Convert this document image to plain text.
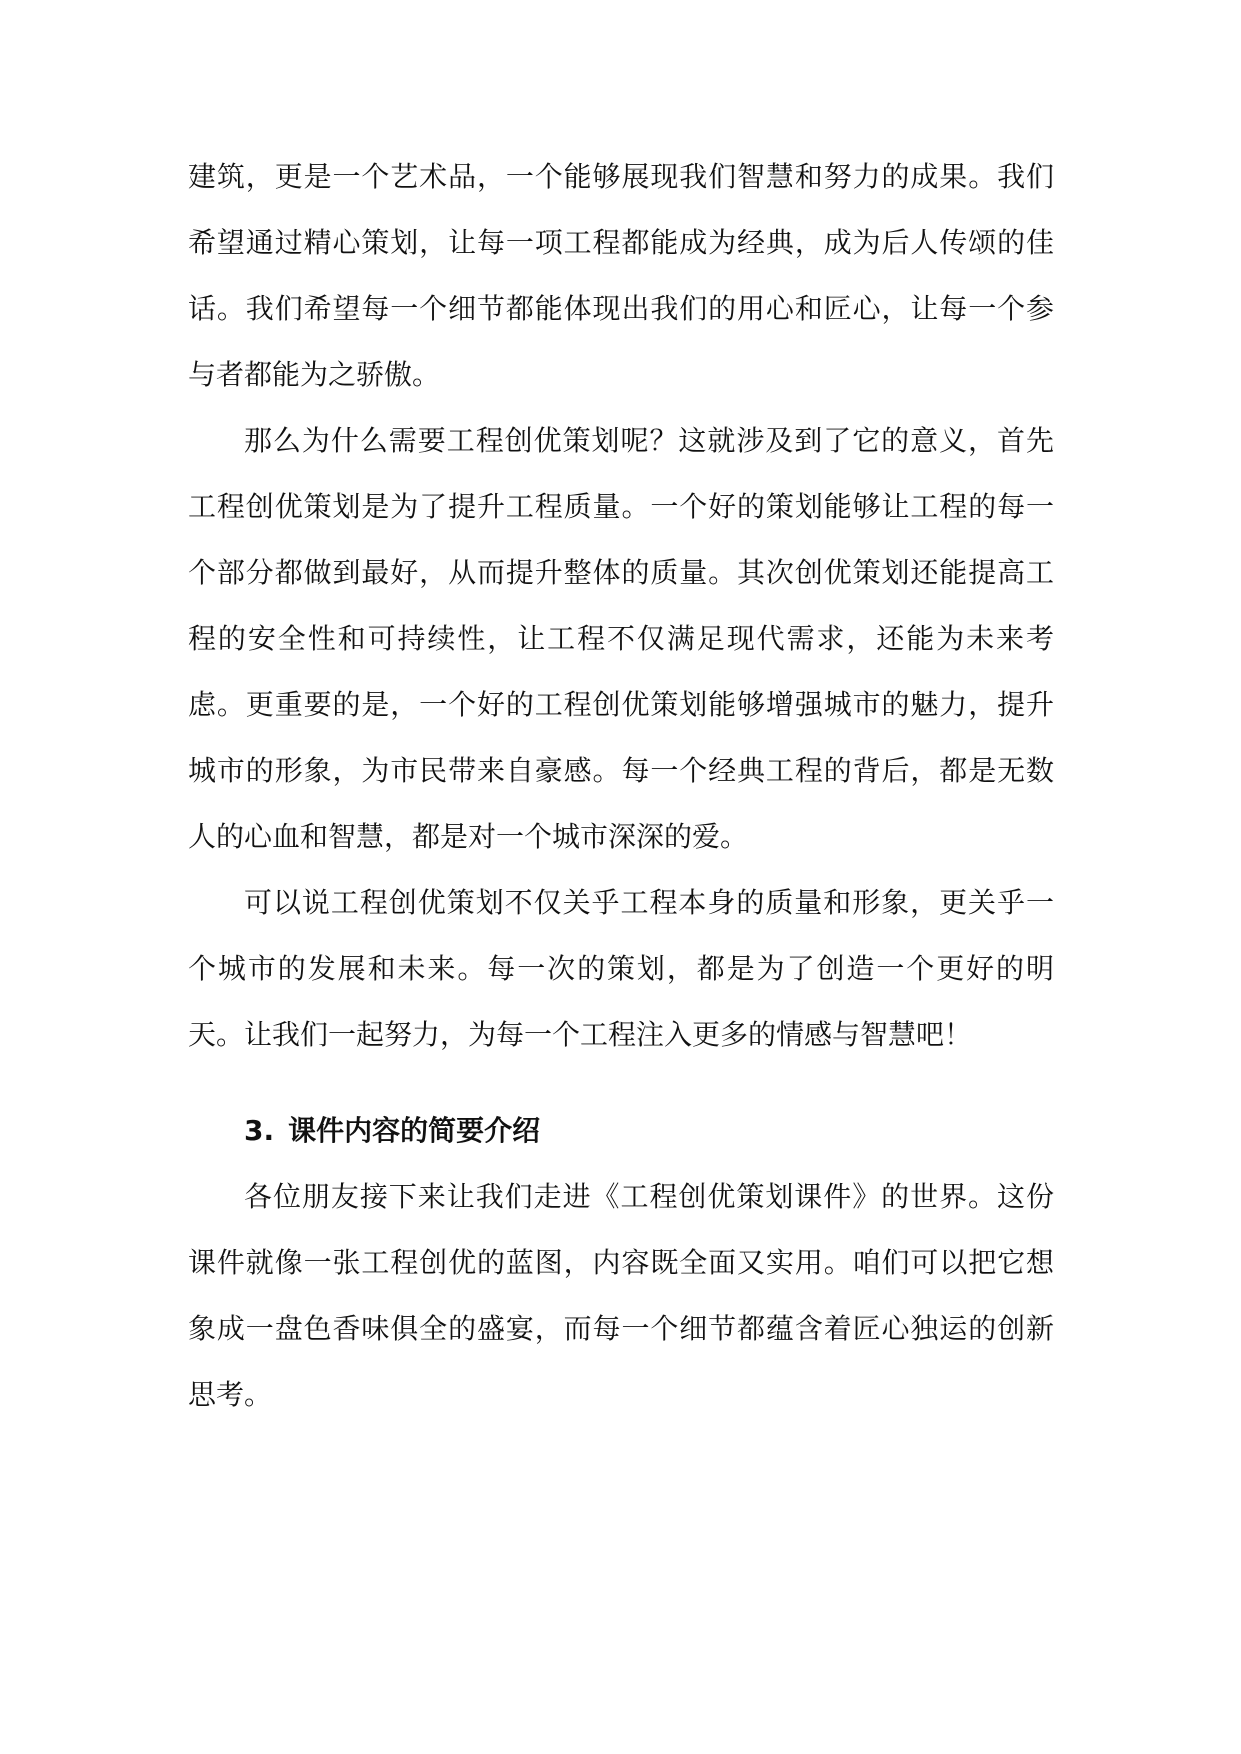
建筑，更是一个艺术品，一个能够展现我们智慧和努力的成果。我们希望通过精心策划，让每一项工程都能成为经典，成为后人传颂的佳话。我们希望每一个细节都能体现出我们的用心和匠心，让每一个参与者都能为之骄傲。

那么为什么需要工程创优策划呢？这就涉及到了它的意义，首先工程创优策划是为了提升工程质量。一个好的策划能够让工程的每一个部分都做到最好，从而提升整体的质量。其次创优策划还能提高工程的安全性和可持续性，让工程不仅满足现代需求，还能为未来考虑。更重要的是，一个好的工程创优策划能够增强城市的魅力，提升城市的形象，为市民带来自豪感。每一个经典工程的背后，都是无数人的心血和智慧，都是对一个城市深深的爱。

可以说工程创优策划不仅关乎工程本身的质量和形象，更关乎一个城市的发展和未来。每一次的策划，都是为了创造一个更好的明天。让我们一起努力，为每一个工程注入更多的情感与智慧吧！

3. 课件内容的简要介绍

各位朋友接下来让我们走进《工程创优策划课件》的世界。这份课件就像一张工程创优的蓝图，内容既全面又实用。咱们可以把它想象成一盘色香味俱全的盛宴，而每一个细节都蕴含着匠心独运的创新思考。
